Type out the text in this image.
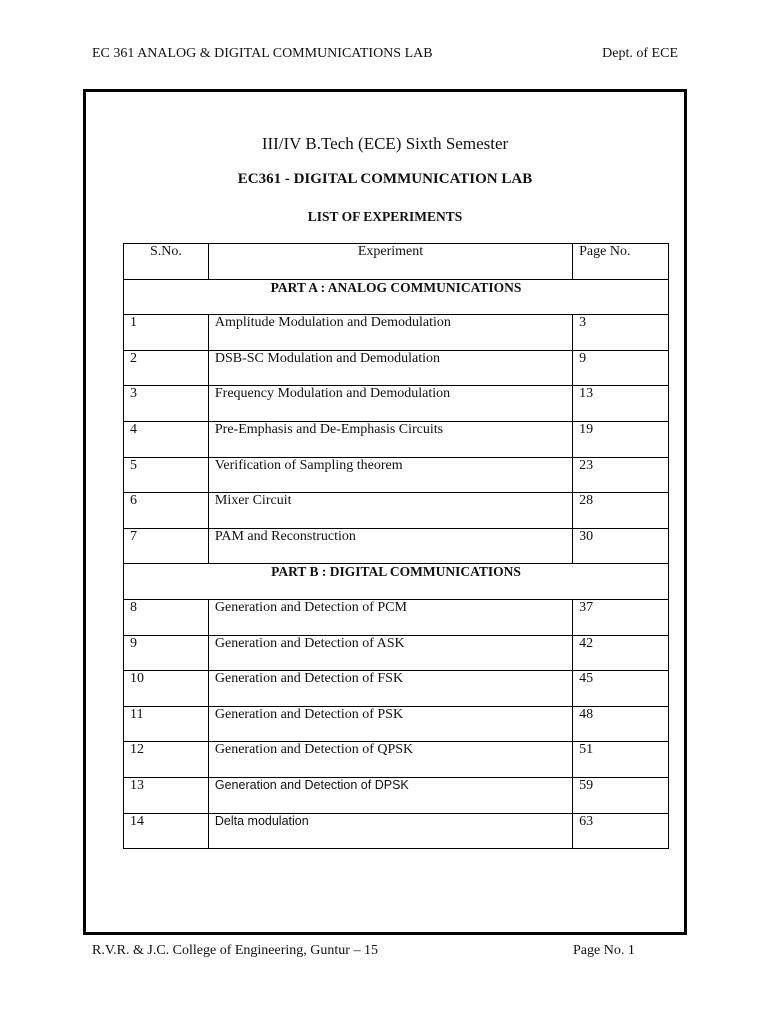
EC 361 ANALOG & DIGITAL COMMUNICATIONS LAB	Dept. of ECE
III/IV B.Tech (ECE) Sixth Semester
EC361 - DIGITAL COMMUNICATION LAB
LIST OF EXPERIMENTS
S.No.	Experiment	Page No.
PART A : ANALOG COMMUNICATIONS		
1	Amplitude Modulation and Demodulation	3
2	DSB-SC Modulation and Demodulation	9
3	Frequency Modulation and Demodulation	13
4	Pre-Emphasis and De-Emphasis Circuits	19
5	Verification of Sampling theorem	23
6	Mixer Circuit	28
7	PAM and Reconstruction	30
PART B : DIGITAL COMMUNICATIONS		
8	Generation and Detection of PCM	37
9	Generation and Detection of ASK	42
10	Generation and Detection of FSK	45
11	Generation and Detection of PSK	48
12	Generation and Detection of QPSK	51
13	Generation and Detection of DPSK	59
14	Delta modulation	63
R.V.R. & J.C. College of Engineering, Guntur – 15	Page No. 1
